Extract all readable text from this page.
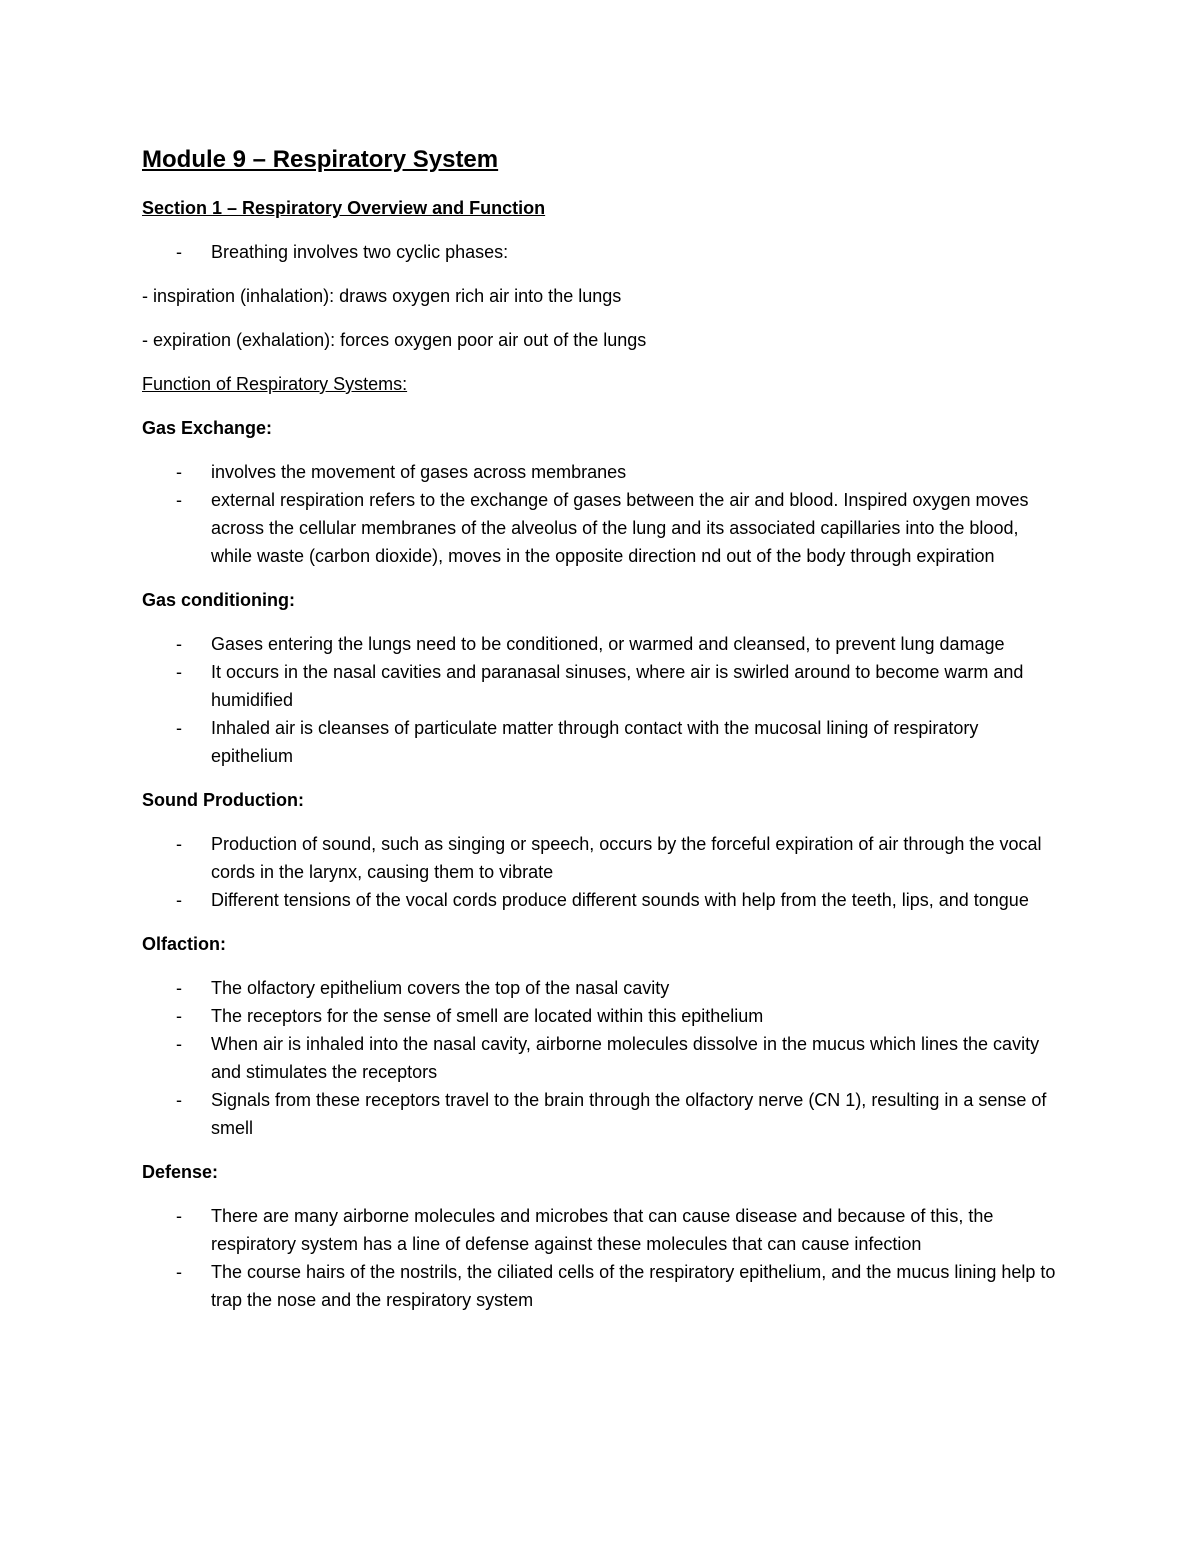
Module 9 – Respiratory System
Section 1 – Respiratory Overview and Function
- Breathing involves two cyclic phases:

- inspiration (inhalation): draws oxygen rich air into the lungs

- expiration (exhalation): forces oxygen poor air out of the lungs

Function of Respiratory Systems:

Gas Exchange:

- involves the movement of gases across membranes
- external respiration refers to the exchange of gases between the air and blood. Inspired oxygen moves across the cellular membranes of the alveolus of the lung and its associated capillaries into the blood, while waste (carbon dioxide), moves in the opposite direction nd out of the body through expiration

Gas conditioning:

- Gases entering the lungs need to be conditioned, or warmed and cleansed, to prevent lung damage
- It occurs in the nasal cavities and paranasal sinuses, where air is swirled around to become warm and humidified
- Inhaled air is cleanses of particulate matter through contact with the mucosal lining of respiratory epithelium

Sound Production:

- Production of sound, such as singing or speech, occurs by the forceful expiration of air through the vocal cords in the larynx, causing them to vibrate
- Different tensions of the vocal cords produce different sounds with help from the teeth, lips, and tongue

Olfaction:

- The olfactory epithelium covers the top of the nasal cavity
- The receptors for the sense of smell are located within this epithelium
- When air is inhaled into the nasal cavity, airborne molecules dissolve in the mucus which lines the cavity and stimulates the receptors
- Signals from these receptors travel to the brain through the olfactory nerve (CN 1), resulting in a sense of smell

Defense:

- There are many airborne molecules and microbes that can cause disease and because of this, the respiratory system has a line of defense against these molecules that can cause infection
- The course hairs of the nostrils, the ciliated cells of the respiratory epithelium, and the mucus lining help to trap the nose and the respiratory system
